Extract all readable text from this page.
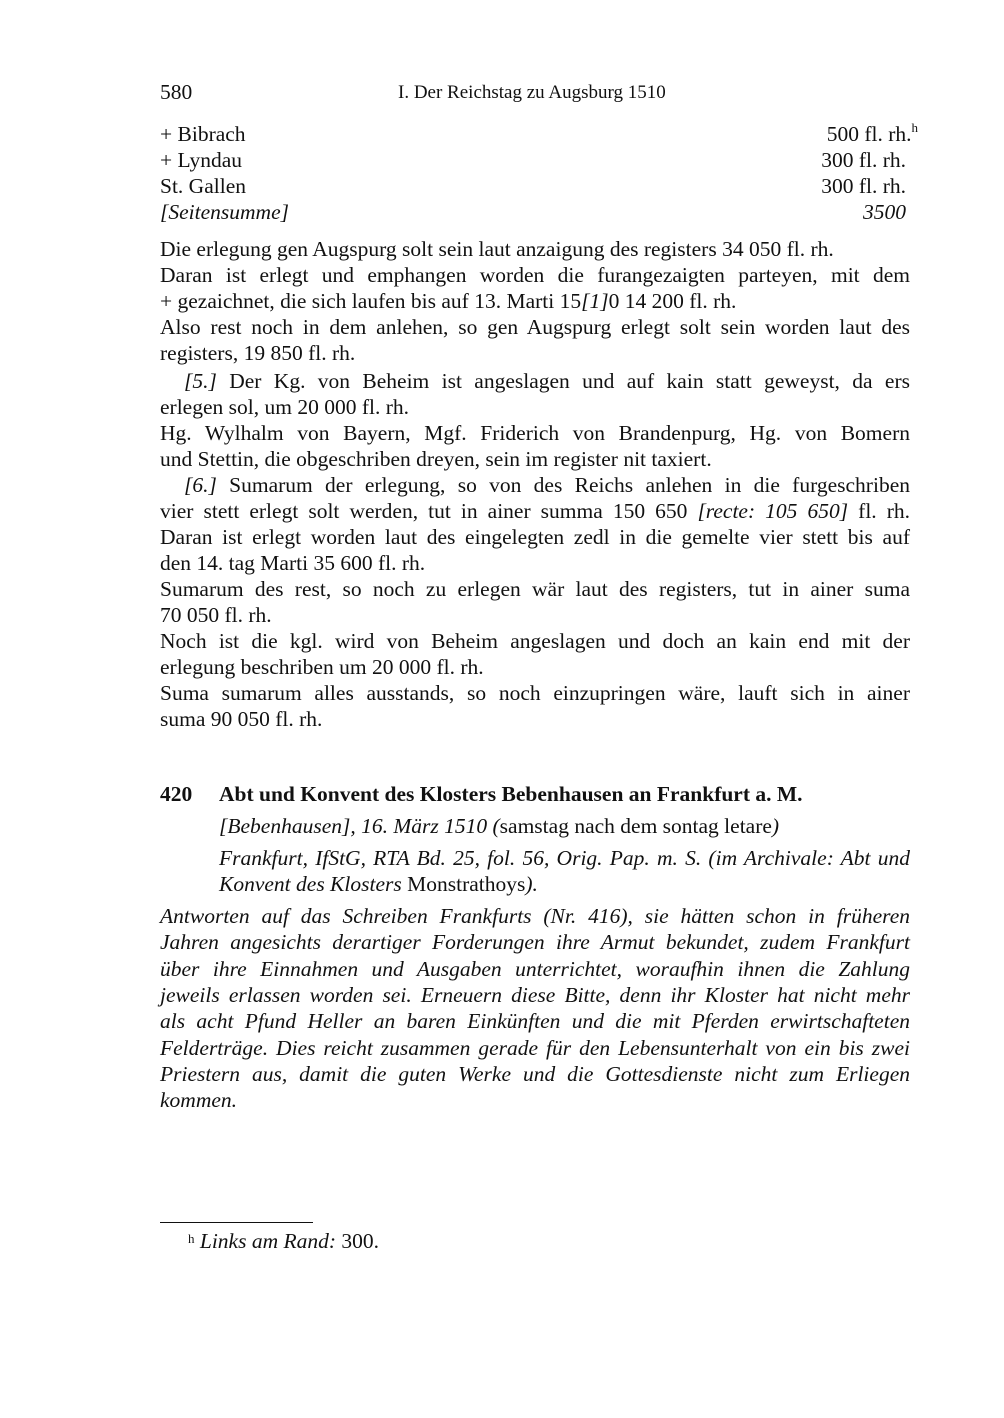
580	I. Der Reichstag zu Augsburg 1510
+ Bibrach	500 fl. rh.$^h$
+ Lyndau	300 fl. rh.
St. Gallen	300 fl. rh.
[Seitensumme]	3500
Die erlegung gen Augspurg solt sein laut anzaigung des registers 34 050 fl. rh.
Daran ist erlegt und emphangen worden die furangezaigten parteyen, mit dem
+ gezaichnet, die sich laufen bis auf 13. Marti 15[1]0 14 200 fl. rh.
Also rest noch in dem anlehen, so gen Augspurg erlegt solt sein worden laut des
registers, 19 850 fl. rh.
[5.] Der Kg. von Beheim ist angeslagen und auf kain statt geweyst, da ers
erlegen sol, um 20 000 fl. rh.
Hg. Wylhalm von Bayern, Mgf. Friderich von Brandenpurg, Hg. von Bomern
und Stettin, die obgeschriben dreyen, sein im register nit taxiert.
[6.] Sumarum der erlegung, so von des Reichs anlehen in die furgeschriben
vier stett erlegt solt werden, tut in ainer summa 150 650 [recte: 105 650] fl. rh.
Daran ist erlegt worden laut des eingelegten zedl in die gemelte vier stett bis auf
den 14. tag Marti 35 600 fl. rh.
Sumarum des rest, so noch zu erlegen wär laut des registers, tut in ainer suma
70 050 fl. rh.
Noch ist die kgl. wird von Beheim angeslagen und doch an kain end mit der
erlegung beschriben um 20 000 fl. rh.
Suma sumarum alles ausstands, so noch einzupringen wäre, lauft sich in ainer
suma 90 050 fl. rh.
420 Abt und Konvent des Klosters Bebenhausen an Frankfurt a. M.
[Bebenhausen], 16. März 1510 (samstag nach dem sontag letare)
Frankfurt, IfStG, RTA Bd. 25, fol. 56, Orig. Pap. m. S. (im Archivale: Abt und
Konvent des Klosters Monstrathoys).
Antworten auf das Schreiben Frankfurts (Nr. 416), sie hätten schon in früheren
Jahren angesichts derartiger Forderungen ihre Armut bekundet, zudem Frankfurt
über ihre Einnahmen und Ausgaben unterrichtet, woraufhin ihnen die Zahlung
jeweils erlassen worden sei. Erneuern diese Bitte, denn ihr Kloster hat nicht mehr
als acht Pfund Heller an baren Einkünften und die mit Pferden erwirtschafteten
Felderträge. Dies reicht zusammen gerade für den Lebensunterhalt von ein bis zwei
Priestern aus, damit die guten Werke und die Gottesdienste nicht zum Erliegen
kommen.
$^h$ Links am Rand: 300.
